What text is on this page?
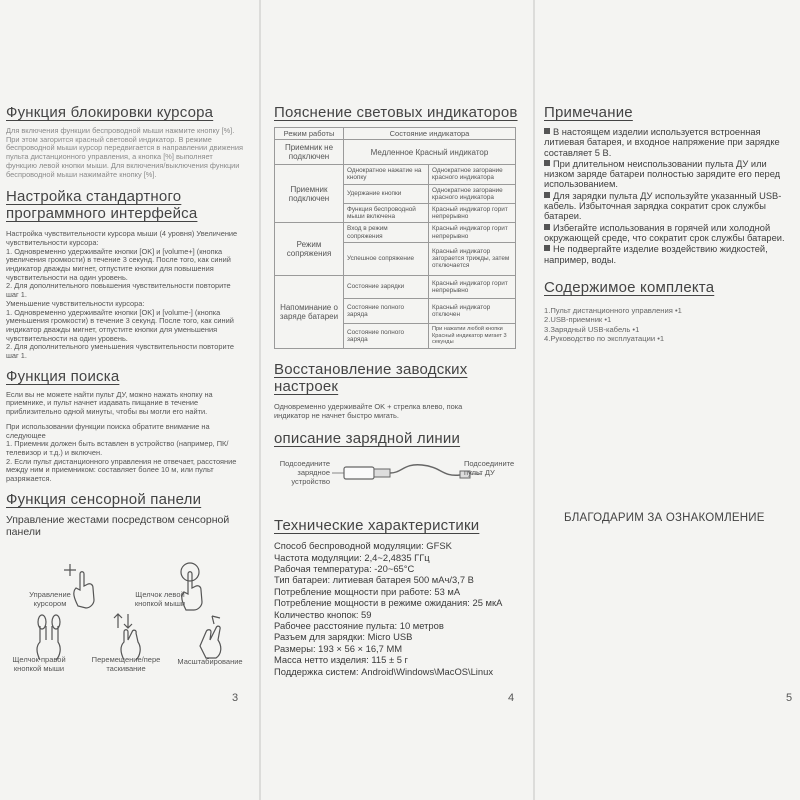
Функция блокировки курсора

Для включения функции беспроводной мыши нажмите кнопку [%]. При этом загорится красный световой индикатор. В режиме беспроводной мыши курсор передвигается в направлении движения пульта дистанционного управления, а кнопка [%] выполняет функцию левой кнопки мыши. Для включения/выключения функции беспроводной мыши нажимайте кнопку [%].

Настройка стандартного программного интерфейса

Настройка чувствительности курсора мыши (4 уровня) Увеличение чувствительности курсора:

1. Одновременно удерживайте кнопки [OK] и [volume+] (кнопка увеличения громкости) в течение 3 секунд. После того, как синий индикатор дважды мигнет, отпустите кнопки для повышения чувствительности на один уровень.

2. Для дополнительного повышения чувствительности повторите шаг 1.

Уменьшение чувствительности курсора:

1. Одновременно удерживайте кнопки [OK] и [volume-] (кнопка уменьшения громкости) в течение 3 секунд. После того, как синий индикатор дважды мигнет, отпустите кнопки для уменьшения чувствительности на один уровень.

2. Для дополнительного уменьшения чувствительности повторите шаг 1.

Функция поиска

Если вы не можете найти пульт ДУ, можно нажать кнопку на приемнике, и пульт начнет издавать пищание в течение приблизительно одной минуты, чтобы вы могли его найти.

При использовании функции поиска обратите внимание на следующее

1. Приемник должен быть вставлен в устройство (например, ПК/телевизор и т.д.) и включен.

2. Если пульт дистанционного управления не отвечает, расстояние между ним и приемником: составляет более 10 м, или пульт разряжается.

Функция сенсорной панели

Управление жестами посредством сенсорной панели

Управление курсором
Щелчок левой кнопкой мыши
Щелчок правой кнопкой мыши
Перемещение/пере таскивание
Масштабирование
3
Пояснение световых индикаторов
Режим работы	Состояние индикатора	
Приемник не подключен	Медленное Красный индикатор	
Приемник подключен	Однократное нажатие на кнопку	Однократное загорание красного индикатора
	Удержание кнопки	Однократное загорание красного индикатора
	Функция беспроводной мыши включена	Красный индикатор горит непрерывно
Режим сопряжения	Вход в режим сопряжения	Красный индикатор горит непрерывно
	Успешное сопряжение	Красный индикатор загорается трижды, затем отключается
Напоминание о заряде батареи	Состояние зарядки	Красный индикатор горит непрерывно
	Состояние полного заряда	Красный индикатор отключен
	Состояние полного заряда	При нажатии любой кнопки Красный индикатор мигает 3 секунды
Восстановление заводских настроек

Одновременно удерживайте OK + стрелка влево, пока индикатор не начнет быстро мигать.

описание зарядной линии
Подсоедините зарядное устройство
Подсоедините пульт ДУ
Технические характеристики

Способ беспроводной модуляции: GFSK

Частота модуляции: 2,4~2,4835 ГГц

Рабочая температура: -20~65°C

Тип батареи: литиевая батарея 500 мАч/3,7 В

Потребление мощности при работе: 53 мА

Потребление мощности в режиме ожидания: 25 мкА

Количество кнопок: 59

Рабочее расстояние пульта: 10 метров

Разъем для зарядки: Micro USB

Размеры: 193 × 56 × 16,7 ММ

Масса нетто изделия: 115 ± 5 г

Поддержка систем: Android\Windows\MacOS\Linux

4
Примечание

В настоящем изделии используется встроенная литиевая батарея, и входное напряжение при зарядке составляет 5 В.

При длительном неиспользовании пульта ДУ или низком заряде батареи полностью зарядите его перед использованием.

Для зарядки пульта ДУ используйте указанный USB-кабель. Избыточная зарядка сократит срок службы батареи.

Избегайте использования в горячей или холодной окружающей среде, что сократит срок службы батареи.

Не подвергайте изделие воздействию жидкостей, например, воды.

Содержимое комплекта

1.Пульт дистанционного управления •1

2.USB-приемник •1

3.Зарядный USB-кабель •1

4.Руководство по эксплуатации •1

БЛАГОДАРИМ ЗА ОЗНАКОМЛЕНИЕ
5
